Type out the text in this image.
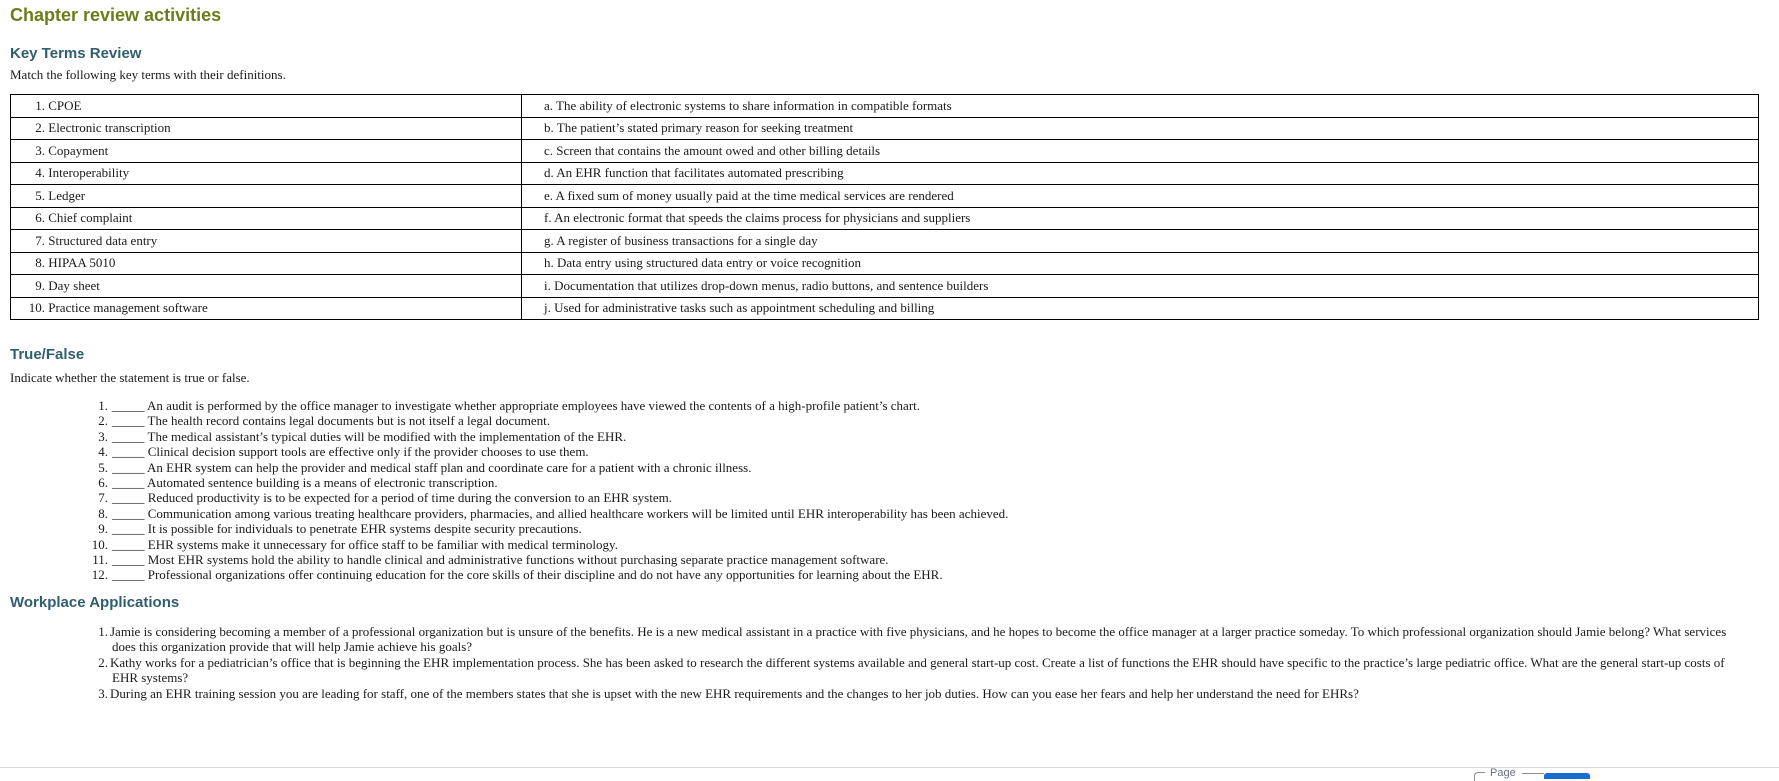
Chapter review activities
Key Terms Review

Match the following key terms with their definitions.

1. CPOE	a. The ability of electronic systems to share information in compatible formats
2. Electronic transcription	b. The patient’s stated primary reason for seeking treatment
3. Copayment	c. Screen that contains the amount owed and other billing details
4. Interoperability	d. An EHR function that facilitates automated prescribing
5. Ledger	e. A fixed sum of money usually paid at the time medical services are rendered
6. Chief complaint	f. An electronic format that speeds the claims process for physicians and suppliers
7. Structured data entry	g. A register of business transactions for a single day
8. HIPAA 5010	h. Data entry using structured data entry or voice recognition
9. Day sheet	i. Documentation that utilizes drop-down menus, radio buttons, and sentence builders
10. Practice management software	j. Used for administrative tasks such as appointment scheduling and billing
True/False

Indicate whether the statement is true or false.

1. _____ An audit is performed by the office manager to investigate whether appropriate employees have viewed the contents of a high-profile patient’s chart.
2. _____ The health record contains legal documents but is not itself a legal document.
3. _____ The medical assistant’s typical duties will be modified with the implementation of the EHR.
4. _____ Clinical decision support tools are effective only if the provider chooses to use them.
5. _____ An EHR system can help the provider and medical staff plan and coordinate care for a patient with a chronic illness.
6. _____ Automated sentence building is a means of electronic transcription.
7. _____ Reduced productivity is to be expected for a period of time during the conversion to an EHR system.
8. _____ Communication among various treating healthcare providers, pharmacies, and allied healthcare workers will be limited until EHR interoperability has been achieved.
9. _____ It is possible for individuals to penetrate EHR systems despite security precautions.
10. _____ EHR systems make it unnecessary for office staff to be familiar with medical terminology.
11. _____ Most EHR systems hold the ability to handle clinical and administrative functions without purchasing separate practice management software.
12. _____ Professional organizations offer continuing education for the core skills of their discipline and do not have any opportunities for learning about the EHR.
Workplace Applications
1. Jamie is considering becoming a member of a professional organization but is unsure of the benefits. He is a new medical assistant in a practice with five physicians, and he hopes to become the office manager at a larger practice someday. To which professional organization should Jamie belong? What services does this organization provide that will help Jamie achieve his goals?
2. Kathy works for a pediatrician’s office that is beginning the EHR implementation process. She has been asked to research the different systems available and general start-up cost. Create a list of functions the EHR should have specific to the practice’s large pediatric office. What are the general start-up costs of EHR systems?
3. During an EHR training session you are leading for staff, one of the members states that she is upset with the new EHR requirements and the changes to her job duties. How can you ease her fears and help her understand the need for EHRs?
Page
